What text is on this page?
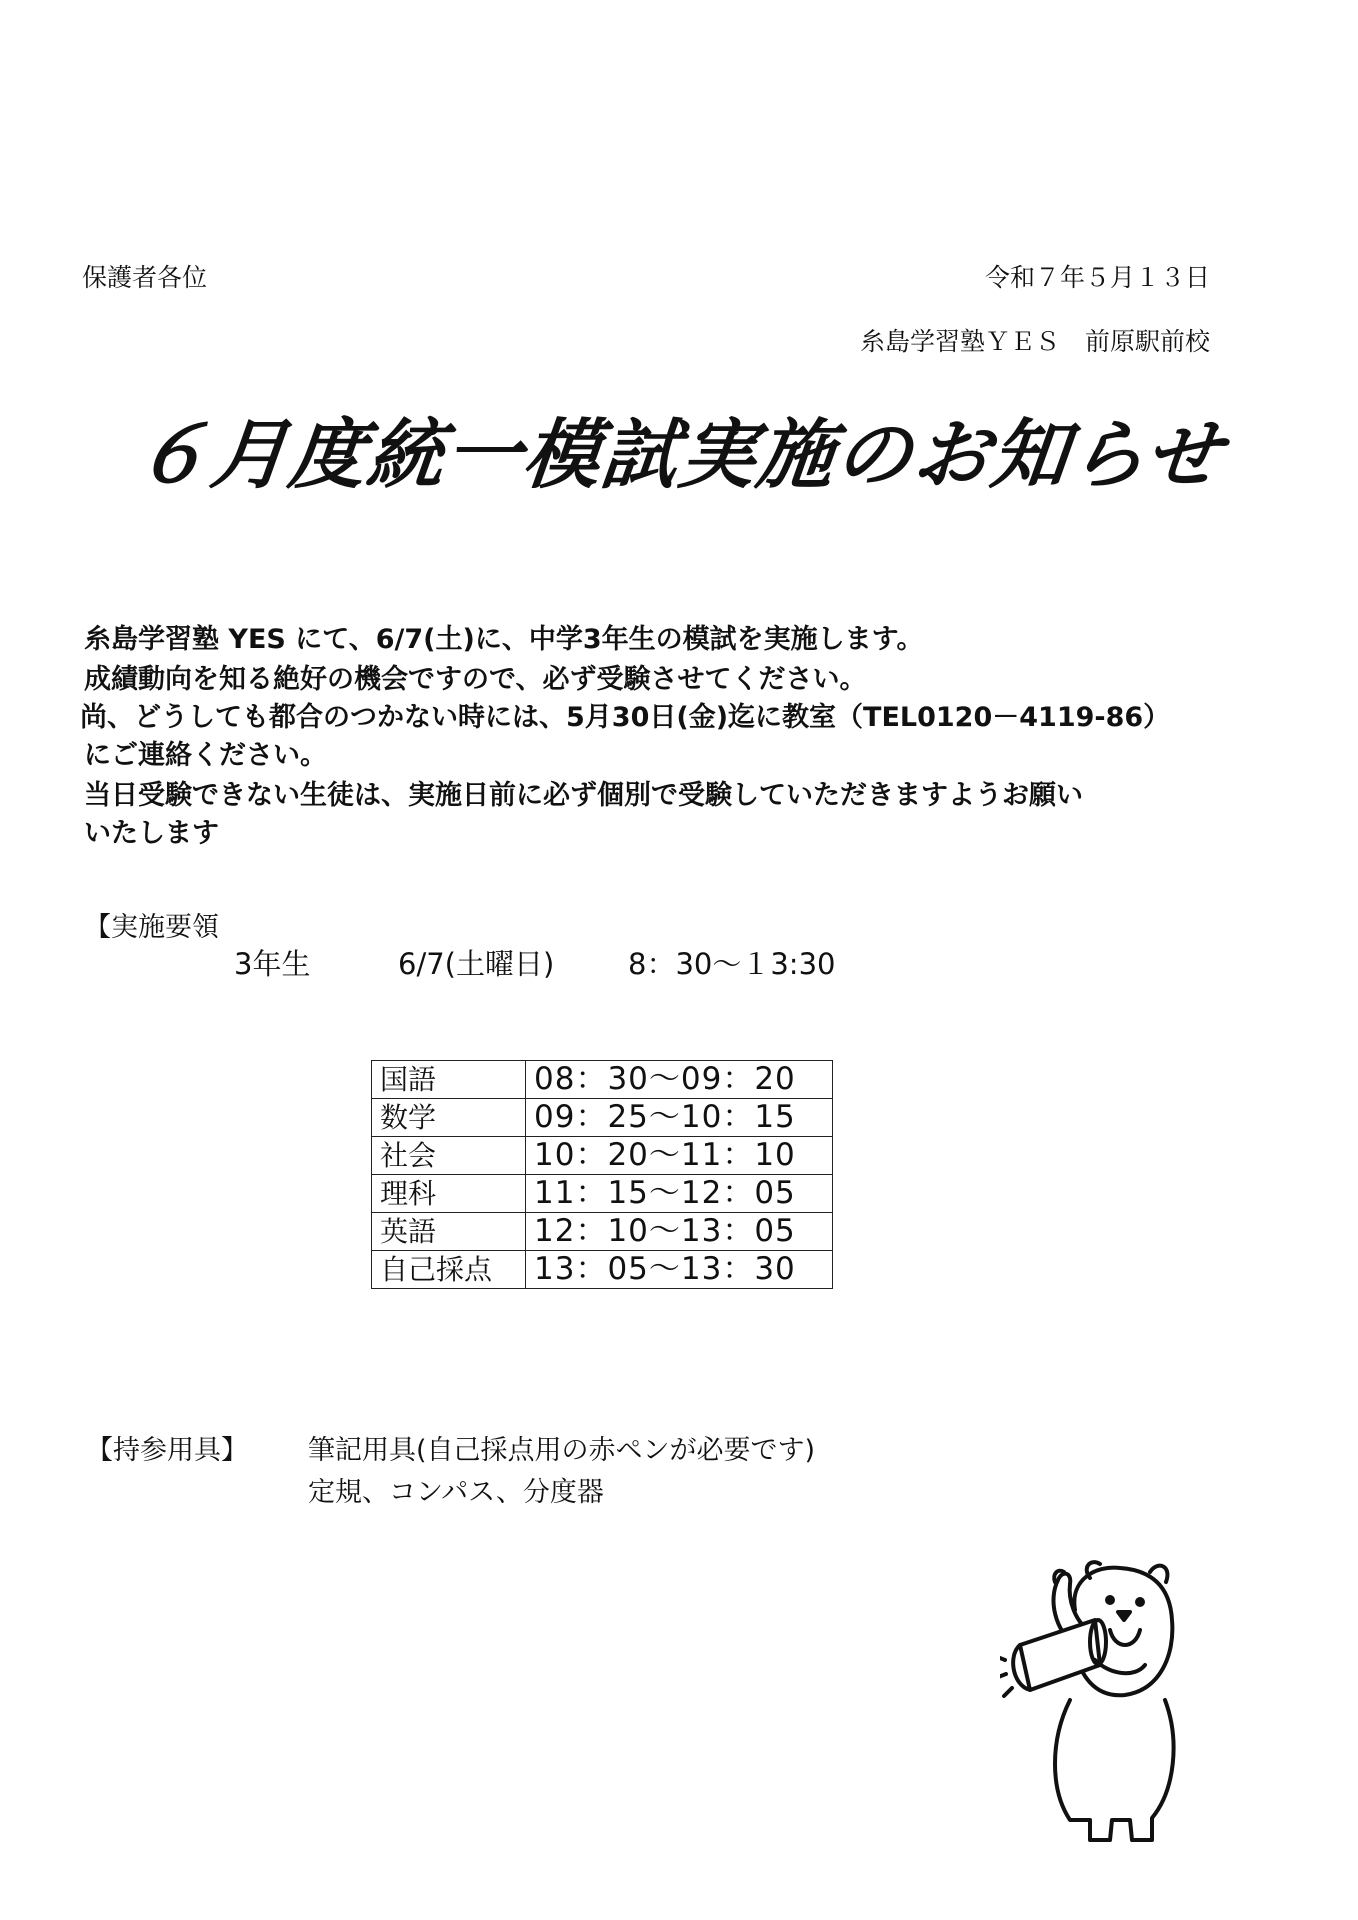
保護者各位	令和７年５月１３日
糸島学習塾ＹＥＳ　前原駅前校
６月度統一模試実施のお知らせ
糸島学習塾 YES にて、6/7(土)に、中学3年生の模試を実施します。
成績動向を知る絶好の機会ですので、必ず受験させてください。
尚、どうしても都合のつかない時には、5月30日(金)迄に教室（TEL0120－4119-86）
にご連絡ください。
当日受験できない生徒は、実施日前に必ず個別で受験していただきますようお願い
いたします
【実施要領
3年生	6/7(土曜日)	8：30～１3:30
国語	08：30～09：20
数学	09：25～10：15
社会	10：20～11：10
理科	11：15～12：05
英語	12：10～13：05
自己採点	13：05～13：30
【持参用具】 筆記用具(自己採点用の赤ペンが必要です)
定規、コンパス、分度器
